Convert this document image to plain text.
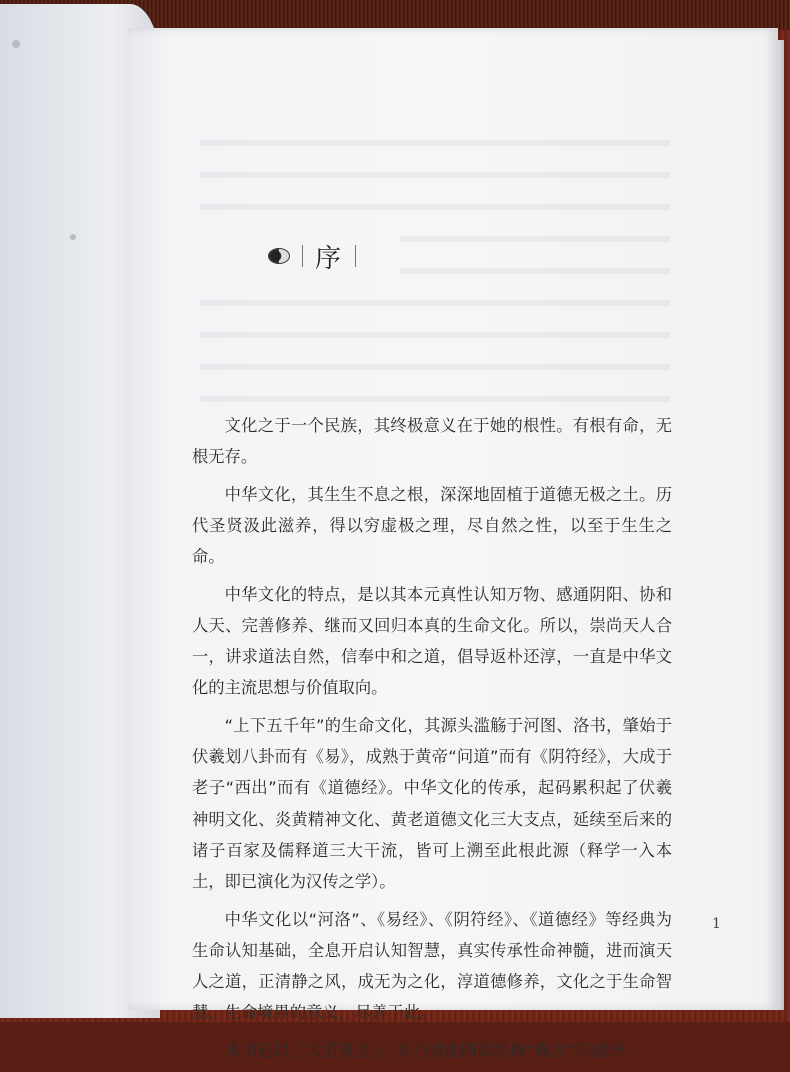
序

文化之于一个民族，其终极意义在于她的根性。有根有命，无根无存。

中华文化，其生生不息之根，深深地固植于道德无极之土。历代圣贤汲此滋养，得以穷虚极之理，尽自然之性，以至于生生之命。

中华文化的特点，是以其本元真性认知万物、感通阴阳、协和人天、完善修养、继而又回归本真的生命文化。所以，崇尚天人合一，讲求道法自然，信奉中和之道，倡导返朴还淳，一直是中华文化的主流思想与价值取向。

“上下五千年”的生命文化，其源头滥觞于河图、洛书，肇始于伏羲划八卦而有《易》，成熟于黄帝“问道”而有《阴符经》，大成于老子“西出”而有《道德经》。中华文化的传承，起码累积起了伏羲神明文化、炎黄精神文化、黄老道德文化三大支点，延续至后来的诸子百家及儒释道三大干流，皆可上溯至此根此源（释学一入本土，即已演化为汉传之学）。

中华文化以“河洛”、《易经》、《阴符经》、《道德经》等经典为生命认知基础，全息开启认知智慧，真实传承性命神髓，进而演天人之道，正清静之风，成无为之化，淳道德修养，文化之于生命智慧、生命境界的意义，尽善于此。

本书冠以《大道真言》，实乃对此四部经典“真言”的感悟：

1
